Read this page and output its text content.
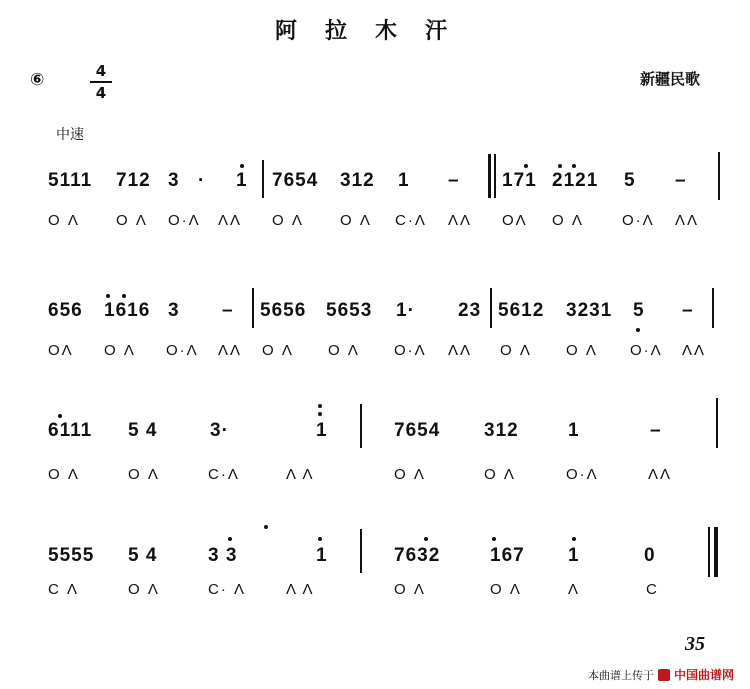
阿拉木汗
⑥	4
4
新疆民歌
中速
5111 712 3 · 1 7654 312 1 – 171 2121 5 –
O Λ O Λ O·Λ ΛΛ O Λ O Λ C·Λ ΛΛ OΛ O Λ	O·Λ ΛΛ
656 1616 3 – 5656 5653 1· 23 5612 3231 5 –
OΛ O Λ O·Λ ΛΛ O Λ O Λ O·Λ ΛΛ O Λ O Λ O·Λ ΛΛ
6111 5 4	3·	1	7654 312	1	–
O Λ	O Λ	C·Λ	Λ Λ	O Λ	O Λ	O·Λ	ΛΛ
5555 5 4	3 3	1	7632	167 1	0
C Λ	O Λ	C· Λ	Λ Λ	O Λ	O Λ	Λ	C
35
本曲谱上传于 中国曲谱网
